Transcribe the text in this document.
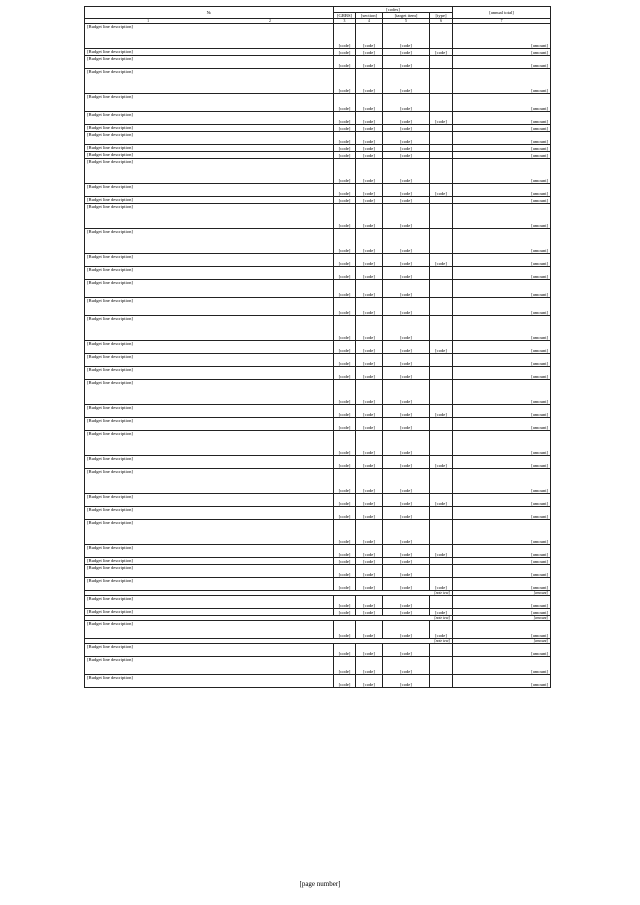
№	[codes]				[annual total]
	[GRBS]	[section]	[target item]	[type]	
1 2	3	4	5	6	7
[Budget line description]	[code]	[code]	[code]		[amount]
[Budget line description]	[code]	[code]	[code]	[code]	[amount]
[Budget line description]	[code]	[code]	[code]		[amount]
[Budget line description]	[code]	[code]	[code]		[amount]
[Budget line description]	[code]	[code]	[code]		[amount]
[Budget line description]	[code]	[code]	[code]	[code]	[amount]
[Budget line description]	[code]	[code]	[code]		[amount]
[Budget line description]	[code]	[code]	[code]		[amount]
[Budget line description]	[code]	[code]	[code]		[amount]
[Budget line description]	[code]	[code]	[code]		[amount]
[Budget line description]	[code]	[code]	[code]		[amount]
[Budget line description]	[code]	[code]	[code]	[code]	[amount]
[Budget line description]	[code]	[code]	[code]		[amount]
[Budget line description]	[code]	[code]	[code]		[amount]
[Budget line description]	[code]	[code]	[code]		[amount]
[Budget line description]	[code]	[code]	[code]	[code]	[amount]
[Budget line description]	[code]	[code]	[code]		[amount]
[Budget line description]	[code]	[code]	[code]		[amount]
[Budget line description]	[code]	[code]	[code]		[amount]
[Budget line description]	[code]	[code]	[code]		[amount]
[Budget line description]	[code]	[code]	[code]	[code]	[amount]
[Budget line description]	[code]	[code]	[code]		[amount]
[Budget line description]	[code]	[code]	[code]		[amount]
[Budget line description]	[code]	[code]	[code]		[amount]
[Budget line description]	[code]	[code]	[code]	[code]	[amount]
[Budget line description]	[code]	[code]	[code]		[amount]
[Budget line description]	[code]	[code]	[code]		[amount]
[Budget line description]	[code]	[code]	[code]	[code]	[amount]
[Budget line description]	[code]	[code]	[code]		[amount]
[Budget line description]	[code]	[code]	[code]	[code]	[amount]
[Budget line description]	[code]	[code]	[code]		[amount]
[Budget line description]	[code]	[code]	[code]		[amount]
[Budget line description]	[code]	[code]	[code]	[code]	[amount]
[Budget line description]	[code]	[code]	[code]		[amount]
[Budget line description]	[code]	[code]	[code]		[amount]
[Budget line description]	[code]	[code]	[code]	[code]	[amount]
[note text]					[amount]
[Budget line description]	[code]	[code]	[code]		[amount]
[Budget line description]	[code]	[code]	[code]	[code]	[amount]
[note text]					[amount]
[Budget line description]	[code]	[code]	[code]	[code]	[amount]
[note text]					[amount]
[Budget line description]	[code]	[code]	[code]		[amount]
[Budget line description]	[code]	[code]	[code]		[amount]
[Budget line description]	[code]	[code]	[code]		[amount]
[page number]
